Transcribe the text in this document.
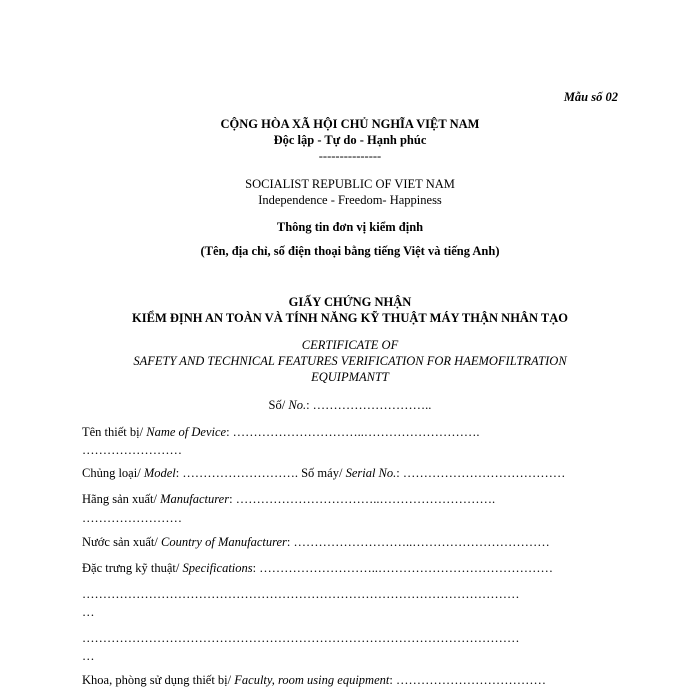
Mẫu số 02
CỘNG HÒA XÃ HỘI CHỦ NGHĨA VIỆT NAM
Độc lập - Tự do - Hạnh phúc
---------------
SOCIALIST REPUBLIC OF VIET NAM
Independence - Freedom- Happiness
Thông tin đơn vị kiểm định
(Tên, địa chỉ, số điện thoại bằng tiếng Việt và tiếng Anh)
GIẤY CHỨNG NHẬN
KIỂM ĐỊNH AN TOÀN VÀ TÍNH NĂNG KỸ THUẬT MÁY THẬN NHÂN TẠO
CERTIFICATE OF
SAFETY AND TECHNICAL FEATURES VERIFICATION FOR HAEMOFILTRATION
EQUIPMANTT
Số/ No.: ………………………..
Tên thiết bị/ Name of Device: …………………………..……………………….
……………………
Chủng loại/ Model: ………………………. Số máy/ Serial No.: …………………………………
Hãng sản xuất/ Manufacturer: ……………………………..……………………….
……………………
Nước sản xuất/ Country of Manufacturer: ………………………..……………………………
Đặc trưng kỹ thuật/ Specifications: ………………………..……………………………………
……………………………………………………………………………………………
…
……………………………………………………………………………………………
…
Khoa, phòng sử dụng thiết bị/ Faculty, room using equipment: ………………………………
